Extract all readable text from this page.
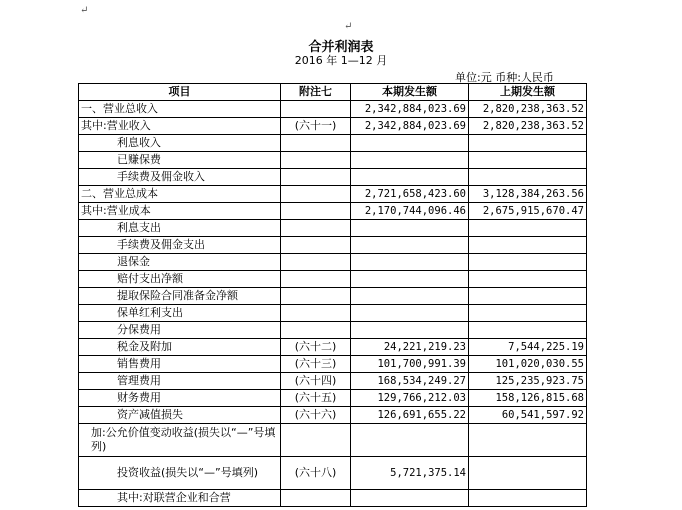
↵
↵
合并利润表
2016 年 1—12 月
单位:元 币种:人民币
项目	附注七	本期发生额	上期发生额
一、营业总收入		2,342,884,023.69	2,820,238,363.52
其中:营业收入	(六十一)	2,342,884,023.69	2,820,238,363.52
利息收入			
已赚保费			
手续费及佣金收入			
二、营业总成本		2,721,658,423.60	3,128,384,263.56
其中:营业成本		2,170,744,096.46	2,675,915,670.47
利息支出			
手续费及佣金支出			
退保金			
赔付支出净额			
提取保险合同准备金净额			
保单红利支出			
分保费用			
税金及附加	(六十二)	24,221,219.23	7,544,225.19
销售费用	(六十三)	101,700,991.39	101,020,030.55
管理费用	(六十四)	168,534,249.27	125,235,923.75
财务费用	(六十五)	129,766,212.03	158,126,815.68
资产减值损失	(六十六)	126,691,655.22	60,541,597.92
加:公允价值变动收益(损失以“—”号填列)			
投资收益(损失以“—”号填列)	(六十八)	5,721,375.14	
其中:对联营企业和合营			
